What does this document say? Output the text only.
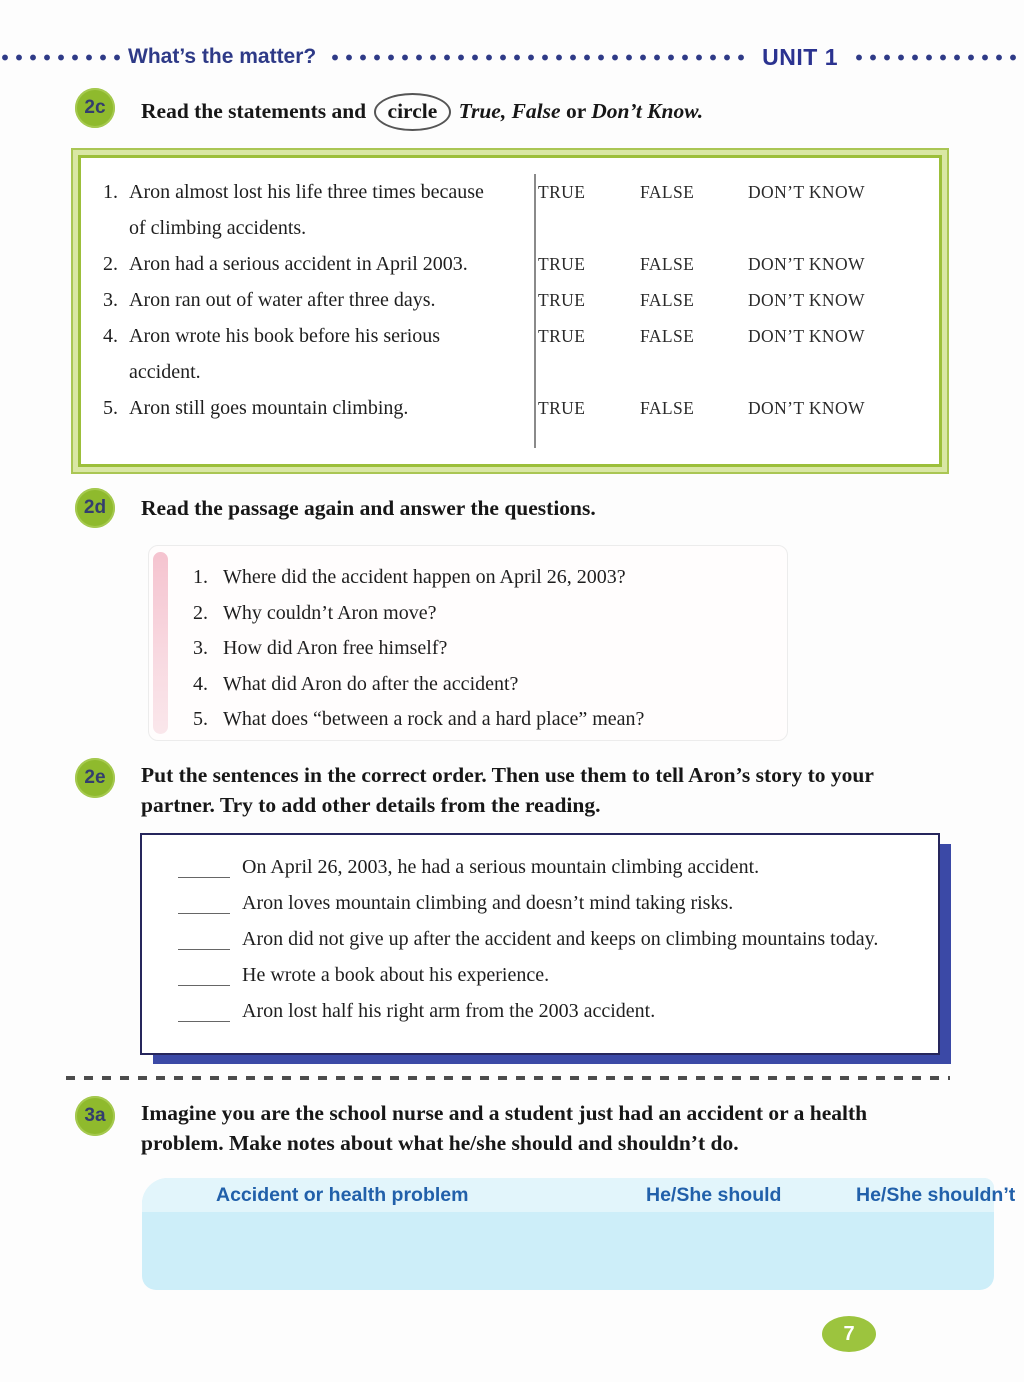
What’s the matter?	UNIT 1
2c	Read the statements and circle True, False or Don’t Know.
1. Aron almost lost his life three times because of climbing accidents.
TRUE	FALSE	DON’T KNOW
2. Aron had a serious accident in April 2003.	TRUE	FALSE	DON’T KNOW
3. Aron ran out of water after three days.	TRUE	FALSE	DON’T KNOW
4. Aron wrote his book before his serious accident.
TRUE	FALSE	DON’T KNOW
5. Aron still goes mountain climbing.	TRUE	FALSE	DON’T KNOW
2d	Read the passage again and answer the questions.
1. Where did the accident happen on April 26, 2003?
2. Why couldn’t Aron move?
3. How did Aron free himself?
4. What did Aron do after the accident?
5. What does “between a rock and a hard place” mean?
2e	Put the sentences in the correct order. Then use them to tell Aron’s story to your partner. Try to add other details from the reading.
On April 26, 2003, he had a serious mountain climbing accident.
Aron loves mountain climbing and doesn’t mind taking risks.
Aron did not give up after the accident and keeps on climbing mountains today.
He wrote a book about his experience.
Aron lost half his right arm from the 2003 accident.
3a	Imagine you are the school nurse and a student just had an accident or a health problem. Make notes about what he/she should and shouldn’t do.
Accident or health problem	He/She should	He/She shouldn’t
7
